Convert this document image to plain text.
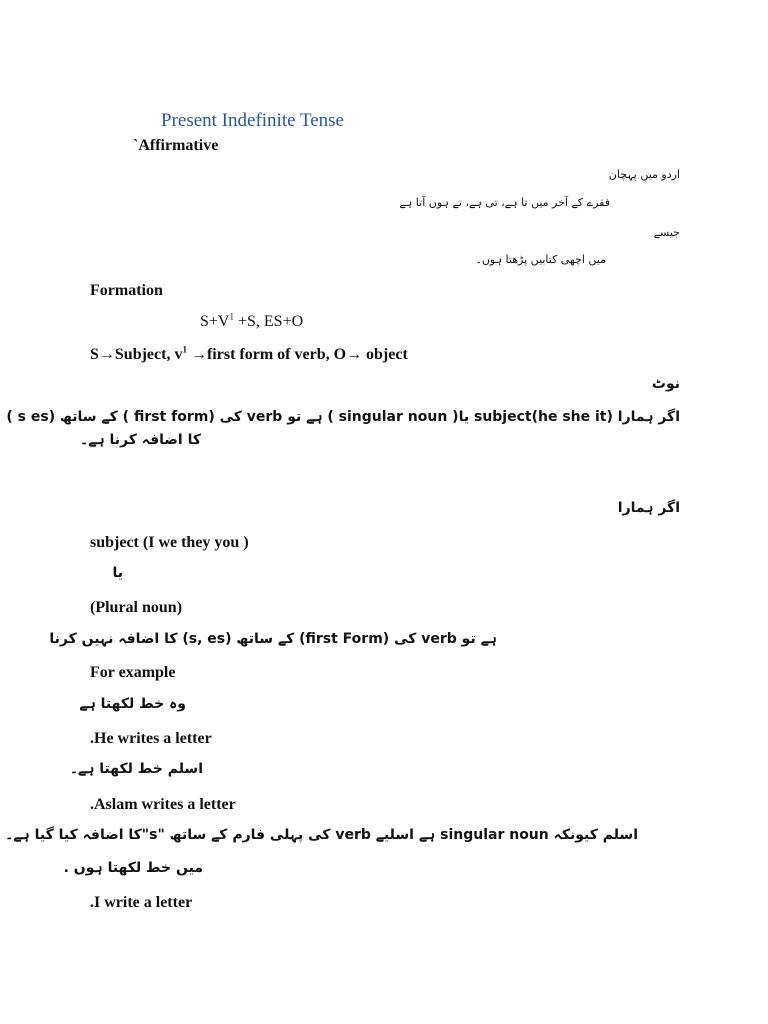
Present Indefinite Tense
`Affirmative
اردو میں پہچان
فقرے کے آخر میں تا ہے، تی ہے، تے ہوں آتا ہے
جیسے
میں اچھی کتابیں پڑھتا ہوں۔
Formation
$S+V^1 +S$, ES+O
S→Subject, $v^1$ →first form of verb, O→ object
نوٹ
اگر ہمارا subject(he she it) یا( singular noun ) ہے تو verb کی (first form ) کے ساتھ (s es )
کا اضافہ کرنا ہے۔
اگر ہمارا
subject (I we they you )
یا
(Plural noun)
ہے تو verb کی (first Form) کے ساتھ (s, es) کا اضافہ نہیں کرنا
For example
وہ خط لکھتا ہے
.He writes a letter
اسلم خط لکھتا ہے۔
.Aslam writes a letter
اسلم کیونکہ singular noun ہے اسلیے verb کی پہلی فارم کے ساتھ "s"کا اضافہ کیا گیا ہے۔
میں خط لکھتا ہوں .
.I write a letter
